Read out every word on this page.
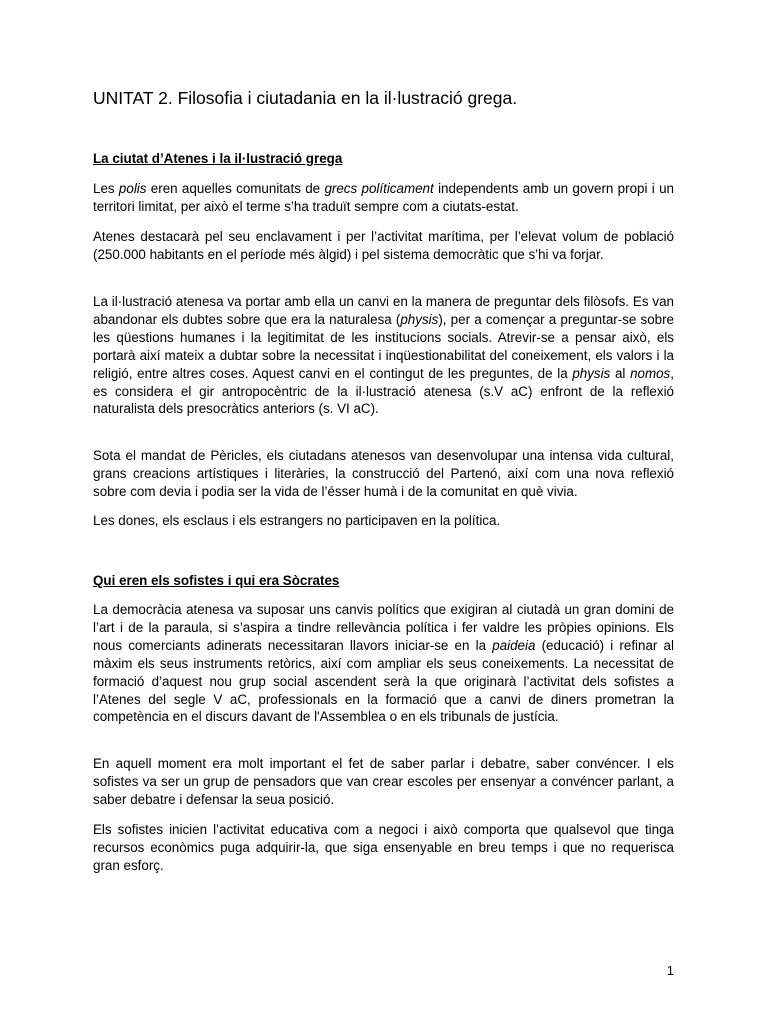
UNITAT 2. Filosofia i ciutadania en la il·lustració grega.
La ciutat d’Atenes i la il·lustració grega

Les polis eren aquelles comunitats de grecs políticament independents amb un govern propi i un territori limitat, per això el terme s’ha traduït sempre com a ciutats-estat.

Atenes destacarà pel seu enclavament i per l’activitat marítima, per l’elevat volum de població (250.000 habitants en el període més àlgid) i pel sistema democràtic que s’hi va forjar.

La il·lustració atenesa va portar amb ella un canvi en la manera de preguntar dels filòsofs. Es van abandonar els dubtes sobre que era la naturalesa (physis), per a començar a preguntar-se sobre les qüestions humanes i la legitimitat de les institucions socials. Atrevir-se a pensar això, els portarà així mateix a dubtar sobre la necessitat i inqüestionabilitat del coneixement, els valors i la religió, entre altres coses. Aquest canvi en el contingut de les preguntes, de la physis al nomos, es considera el gir antropocèntric de la il·lustració atenesa (s.V aC) enfront de la reflexió naturalista dels presocràtics anteriors (s. VI aC).

Sota el mandat de Pèricles, els ciutadans atenesos van desenvolupar una intensa vida cultural, grans creacions artístiques i literàries, la construcció del Partenó, així com una nova reflexió sobre com devia i podia ser la vida de l’ésser humà i de la comunitat en què vivia.

Les dones, els esclaus i els estrangers no participaven en la política.

Qui eren els sofistes i qui era Sòcrates

La democràcia atenesa va suposar uns canvis polítics que exigiran al ciutadà un gran domini de l’art i de la paraula, si s’aspira a tindre rellevància política i fer valdre les pròpies opinions. Els nous comerciants adinerats necessitaran llavors iniciar-se en la paideia (educació) i refinar al màxim els seus instruments retòrics, així com ampliar els seus coneixements. La necessitat de formació d’aquest nou grup social ascendent serà la que originarà l’activitat dels sofistes a l’Atenes del segle V aC, professionals en la formació que a canvi de diners prometran la competència en el discurs davant de l'Assemblea o en els tribunals de justícia.

En aquell moment era molt important el fet de saber parlar i debatre, saber convéncer. I els sofistes va ser un grup de pensadors que van crear escoles per ensenyar a convéncer parlant, a saber debatre i defensar la seua posició.

Els sofistes inicien l’activitat educativa com a negoci i això comporta que qualsevol que tinga recursos econòmics puga adquirir-la, que siga ensenyable en breu temps i que no requerisca gran esforç.

1
